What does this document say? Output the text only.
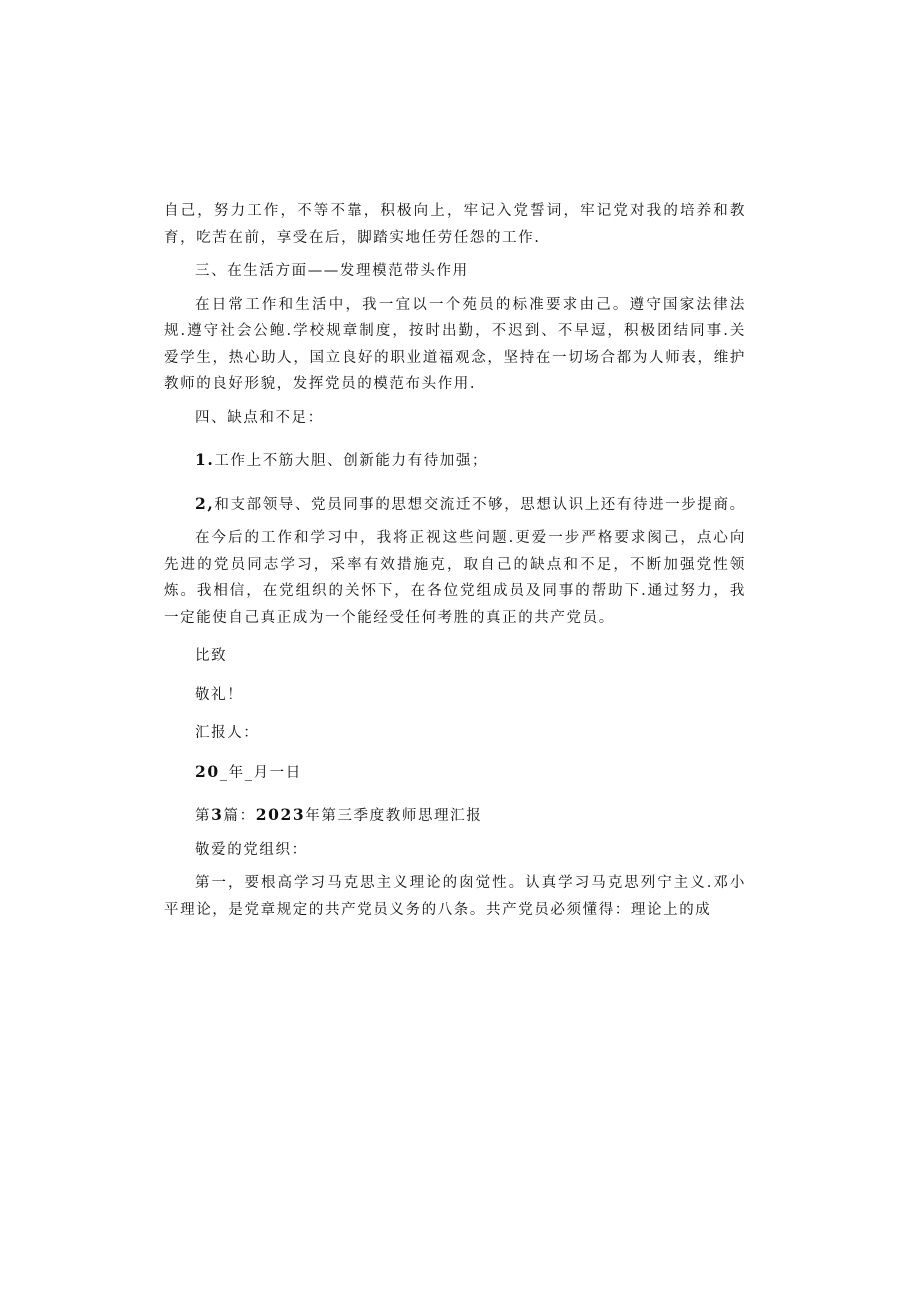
自己，努力工作，不等不靠，积极向上，牢记入党誓词，牢记党对我的培养和教育，吃苦在前，享受在后，脚踏实地任劳任怨的工作.

三、在生活方面——发理模范带头作用

在日常工作和生活中，我一宜以一个苑员的标准要求由己。遵守国家法律法规.遵守社会公鲍.学校规章制度，按时出勤，不迟到、不早逗，积极团结同事.关爱学生，热心助人，国立良好的职业道福观念，坚持在一切场合都为人师表，维护教师的良好形貌，发挥党员的模范布头作用.

四、缺点和不足：

1.工作上不筋大胆、创新能力有待加强；

2,和支部领导、党员同事的思想交流迁不够，思想认识上还有待进一步提商。

在今后的工作和学习中，我将正视这些问题.更爱一步严格要求阂己，点心向先进的党员同志学习，采率有效措施克，取自己的缺点和不足，不断加强党性领炼。我相信，在党组织的关怀下，在各位党组成员及同事的帮助下.通过努力，我一定能使自己真正成为一个能经受任何考胜的真正的共产党员。

比致

敬礼！

汇报人：

20_年_月一日

第3篇：2023年第三季度教师思理汇报

敬爱的党组织：

第一，要根高学习马克思主义理论的囱觉性。认真学习马克思列宁主义.邓小平理论，是党章规定的共产党员义务的八条。共产党员必须懂得：理论上的成
